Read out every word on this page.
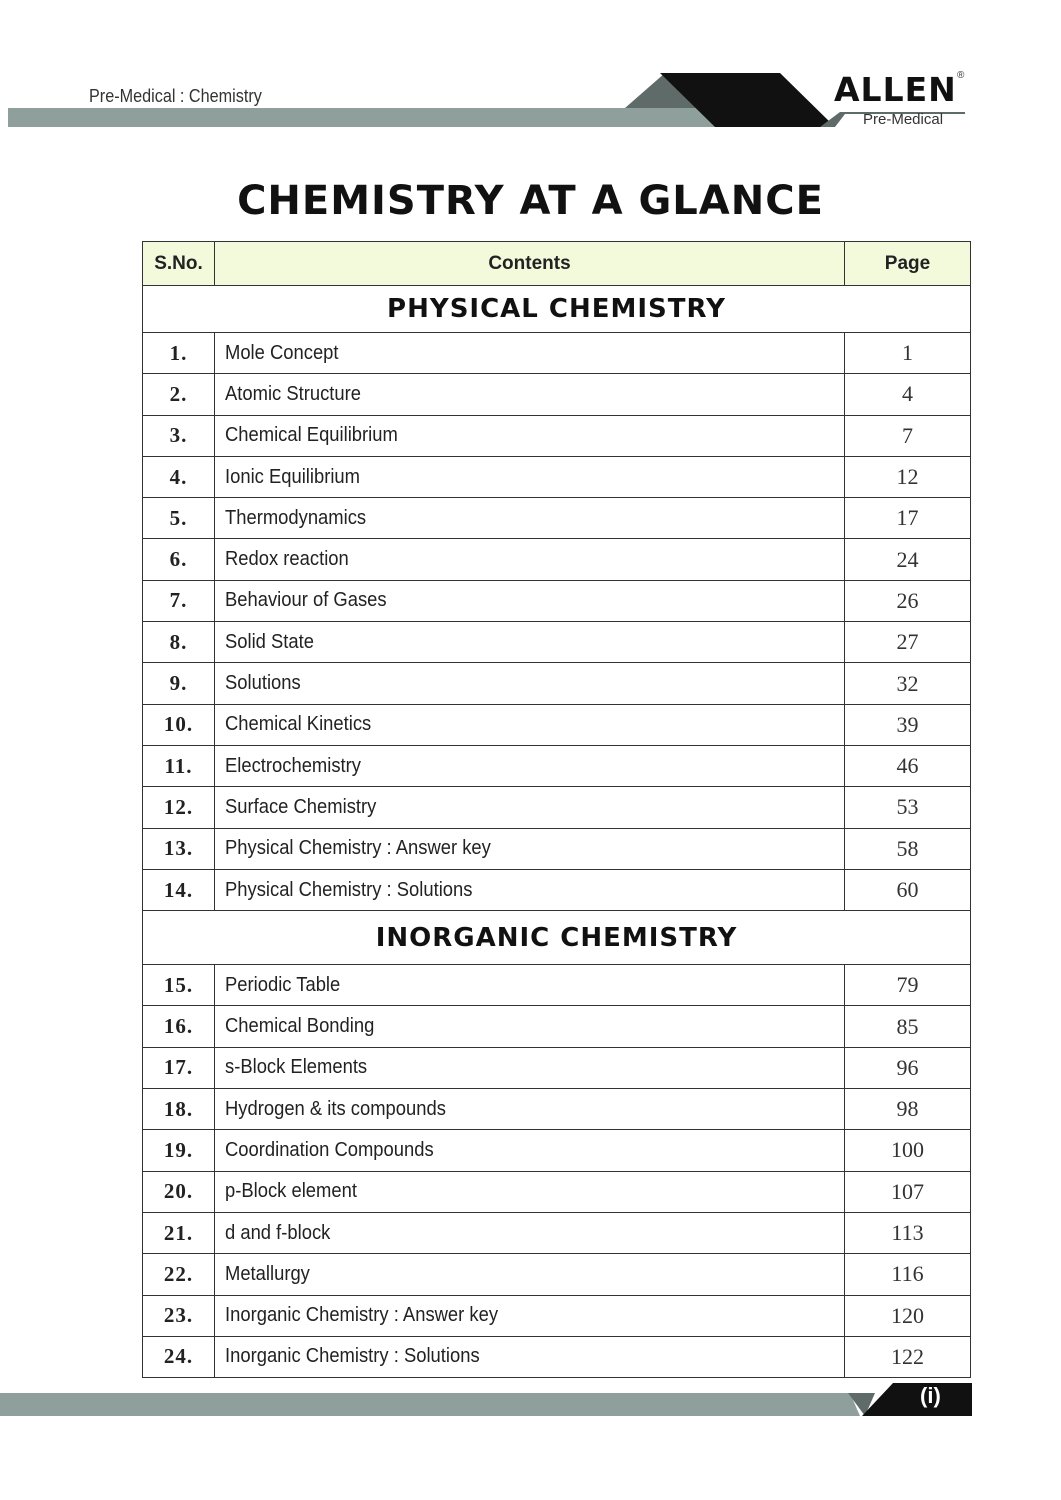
Pre-Medical : Chemistry	ALLEN ®
Pre-Medical
CHEMISTRY AT A GLANCE
S.No.	Contents	Page
PHYSICAL CHEMISTRY		
1.	Mole Concept	1
2.	Atomic Structure	4
3.	Chemical Equilibrium	7
4.	Ionic Equilibrium	12
5.	Thermodynamics	17
6.	Redox reaction	24
7.	Behaviour of Gases	26
8.	Solid State	27
9.	Solutions	32
10.	Chemical Kinetics	39
11.	Electrochemistry	46
12.	Surface Chemistry	53
13.	Physical Chemistry : Answer key	58
14.	Physical Chemistry : Solutions	60
INORGANIC CHEMISTRY		
15.	Periodic Table	79
16.	Chemical Bonding	85
17.	s-Block Elements	96
18.	Hydrogen & its compounds	98
19.	Coordination Compounds	100
20.	p-Block element	107
21.	d and f-block	113
22.	Metallurgy	116
23.	Inorganic Chemistry : Answer key	120
24.	Inorganic Chemistry : Solutions	122
(i)
